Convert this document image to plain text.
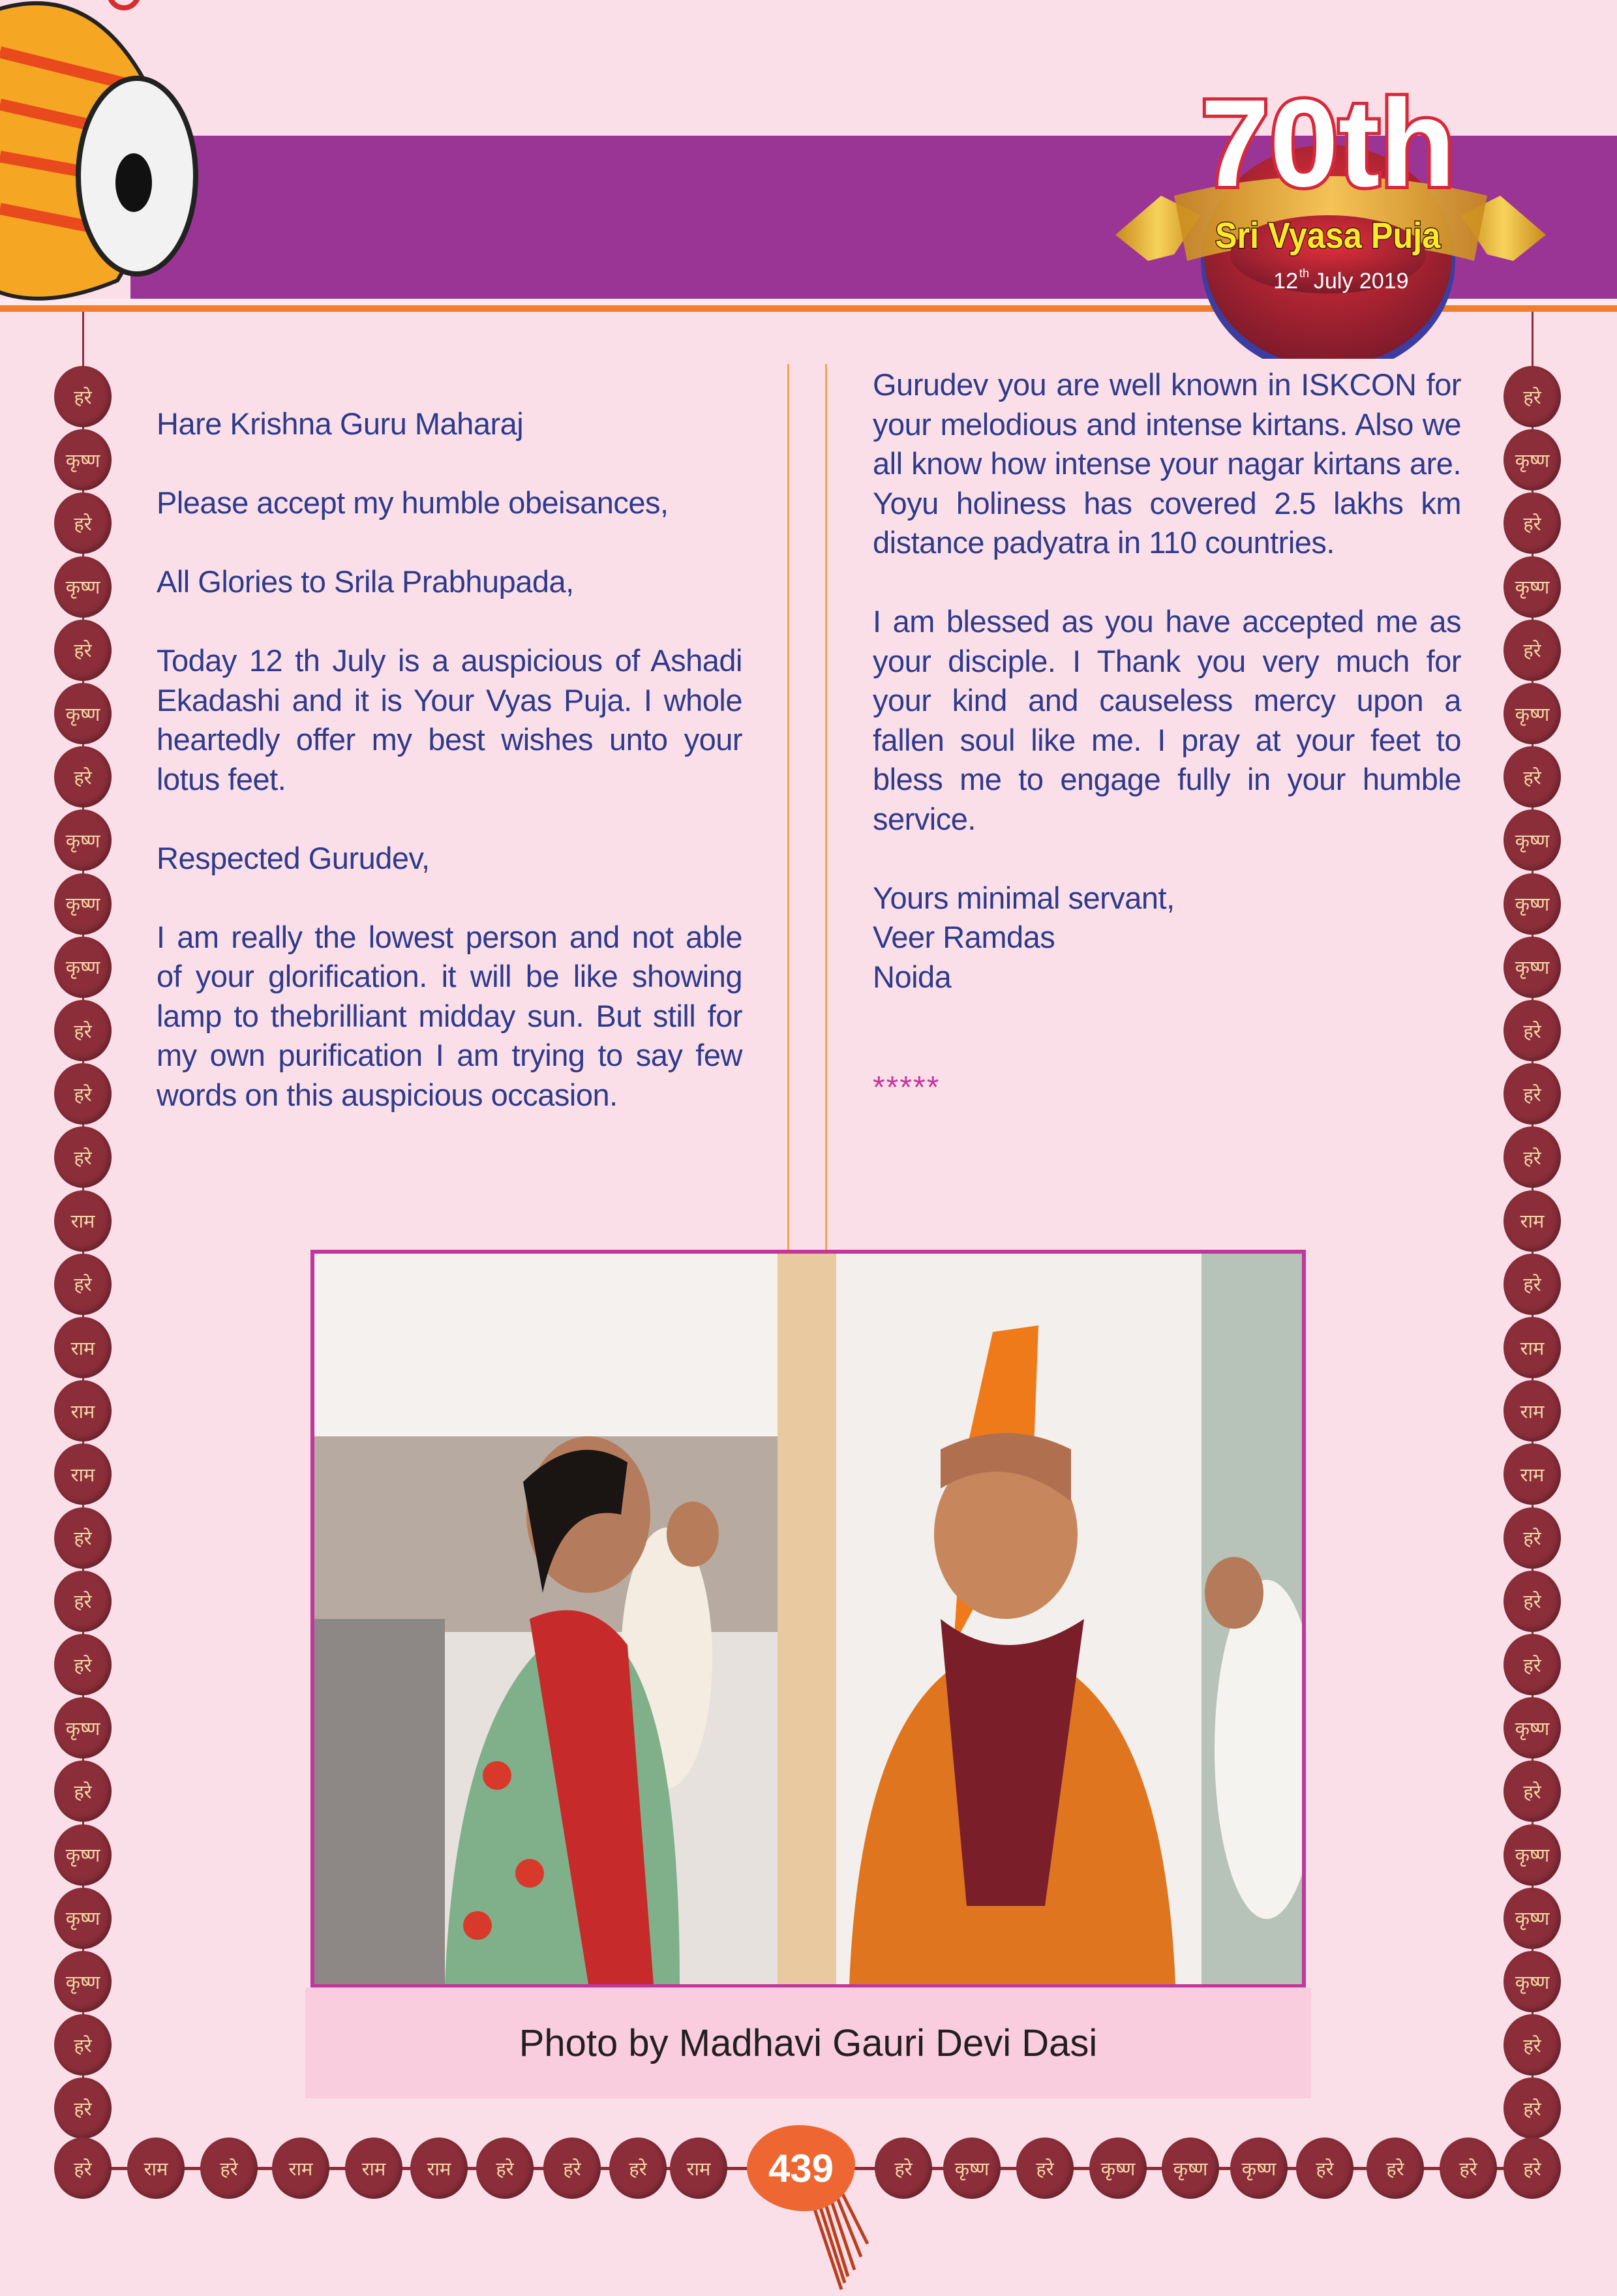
70th
Sri Vyasa Puja
12 th July 2019
हरे
कृष्ण
हरे
कृष्ण
हरे
कृष्ण
हरे
कृष्ण
कृष्ण
कृष्ण
हरे
हरे
हरे
राम
हरे
राम
राम
राम
हरे
हरे
हरे
कृष्ण
हरे
कृष्ण
कृष्ण
कृष्ण
हरे
हरे
हरे
कृष्ण
हरे
कृष्ण
हरे
कृष्ण
हरे
कृष्ण
कृष्ण
कृष्ण
हरे
हरे
हरे
राम
हरे
राम
राम
राम
हरे
हरे
हरे
कृष्ण
हरे
कृष्ण
कृष्ण
कृष्ण
हरे
हरे
हरे	राम	हरे	राम	राम	राम	हरे	हरे	हरे	राम	हरे	कृष्ण	हरे	कृष्ण	कृष्ण	कृष्ण	हरे	हरे	हरे	हरे

Hare Krishna Guru Maharaj

Please accept my humble obeisances,

All Glories to Srila Prabhupada,

Today 12 th July is a auspicious of Ashadi Ekadashi and it is Your Vyas Puja. I whole heartedly offer my best wishes unto your lotus feet.

Respected Gurudev,

I am really the lowest person and not able of your glorification. it will be like showing lamp to thebrilliant midday sun. But still for my own purification I am trying to say few words on this auspicious occasion.

Gurudev you are well known in ISKCON for your melodious and intense kirtans. Also we all know how intense your nagar kirtans are. Yoyu holiness has covered 2.5 lakhs km distance padyatra in 110 countries.

I am blessed as you have accepted me as your disciple. I Thank you very much for your kind and causeless mercy upon a fallen soul like me. I pray at your feet to bless me to engage fully in your humble service.

Yours minimal servant,

Veer Ramdas

Noida

*****
Photo by Madhavi Gauri Devi Dasi
439
